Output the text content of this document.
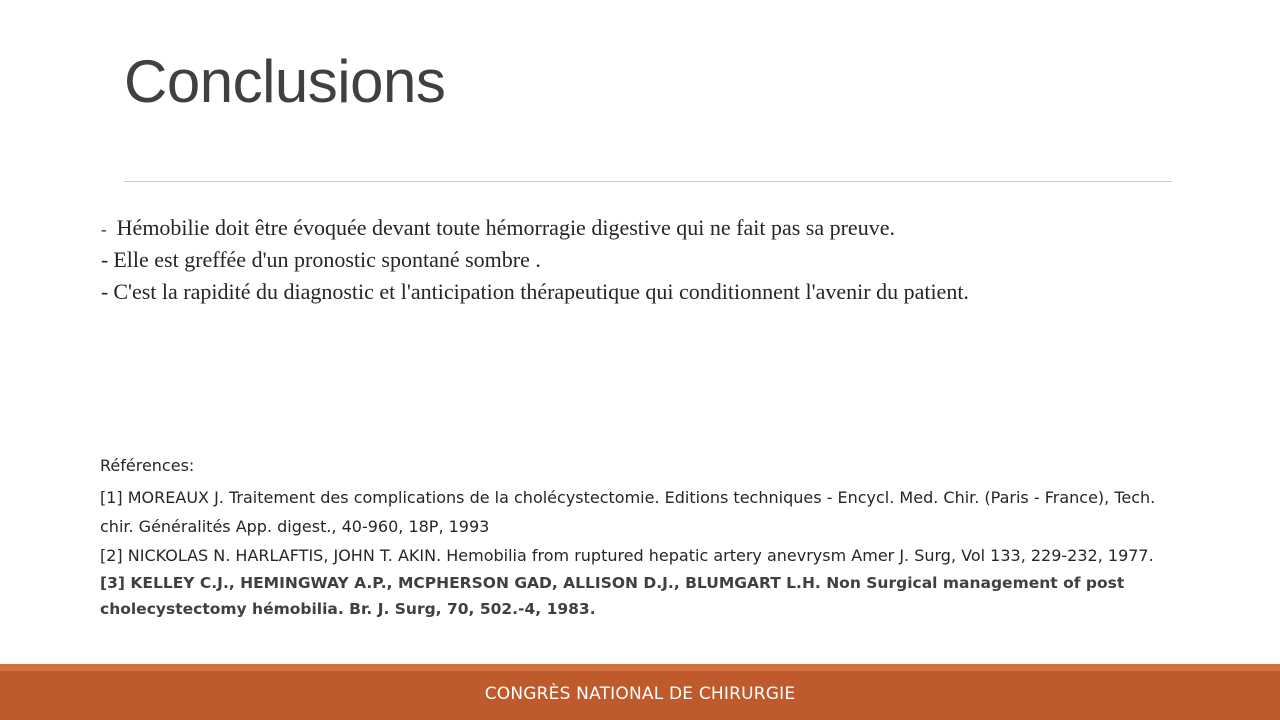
Conclusions
- Hémobilie doit être évoquée devant toute hémorragie digestive qui ne fait pas sa preuve.
- Elle est greffée d'un pronostic spontané sombre .
- C'est la rapidité du diagnostic et l'anticipation thérapeutique qui conditionnent l'avenir du patient.
Références:
[1] MOREAUX J. Traitement des complications de la cholécystectomie. Editions techniques - Encycl. Med. Chir. (Paris - France), Tech. chir. Généralités App. digest., 40-960, 18P, 1993
[2] NICKOLAS N. HARLAFTIS, JOHN T. AKIN. Hemobilia from ruptured hepatic artery anevrysm Amer J. Surg, Vol 133, 229-232, 1977.
[3] KELLEY C.J., HEMINGWAY A.P., MCPHERSON GAD, ALLISON D.J., BLUMGART L.H. Non Surgical management of post cholecystectomy hémobilia. Br. J. Surg, 70, 502.-4, 1983.
CONGRÈS NATIONAL DE CHIRURGIE
